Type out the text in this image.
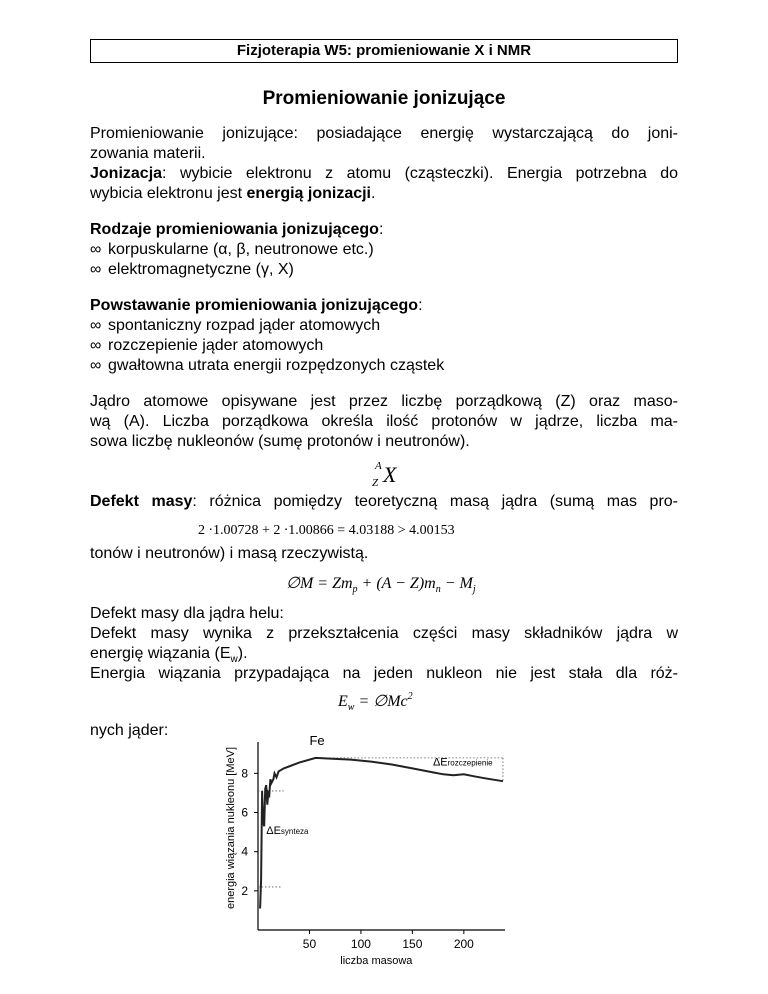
Fizjoterapia W5: promieniowanie X i NMR
Promieniowanie jonizujące
Promieniowanie jonizujące: posiadające energię wystarczającą do joni-
zowania materii.
Jonizacja: wybicie elektronu z atomu (cząsteczki). Energia potrzebna do
wybicia elektronu jest energią jonizacji.
Rodzaje promieniowania jonizującego:
∞ korpuskularne (α, β, neutronowe etc.)
∞ elektromagnetyczne (γ, X)
Powstawanie promieniowania jonizującego:
∞ spontaniczny rozpad jąder atomowych
∞ rozczepienie jąder atomowych
∞ gwałtowna utrata energii rozpędzonych cząstek
Jądro atomowe opisywane jest przez liczbę porządkową (Z) oraz maso-
wą (A). Liczba porządkowa określa ilość protonów w jądrze, liczba ma-
sowa liczbę nukleonów (sumę protonów i neutronów).
A
Z X
Defekt masy: różnica pomiędzy teoretyczną masą jądra (sumą mas pro-
2 ⋅1.00728 + 2 ⋅1.00866 = 4.03188 > 4.00153
tonów i neutronów) i masą rzeczywistą.
∅M = $Zm_p + (A - Z)m_n - M_j$
Defekt masy dla jądra helu:
Defekt masy wynika z przekształcenia części masy składników jądra w
energię wiązania $(E_w)$.
Energia wiązania przypadająca na jeden nukleon nie jest stała dla róż-
$E_w$ = $\emptyset Mc^2$
nych jąder:
50	100	150	200
2
4
6
8
Fe
ΔErozczepienie
ΔEsynteza
liczba masowa
energia wiązania nukleonu [MeV]
